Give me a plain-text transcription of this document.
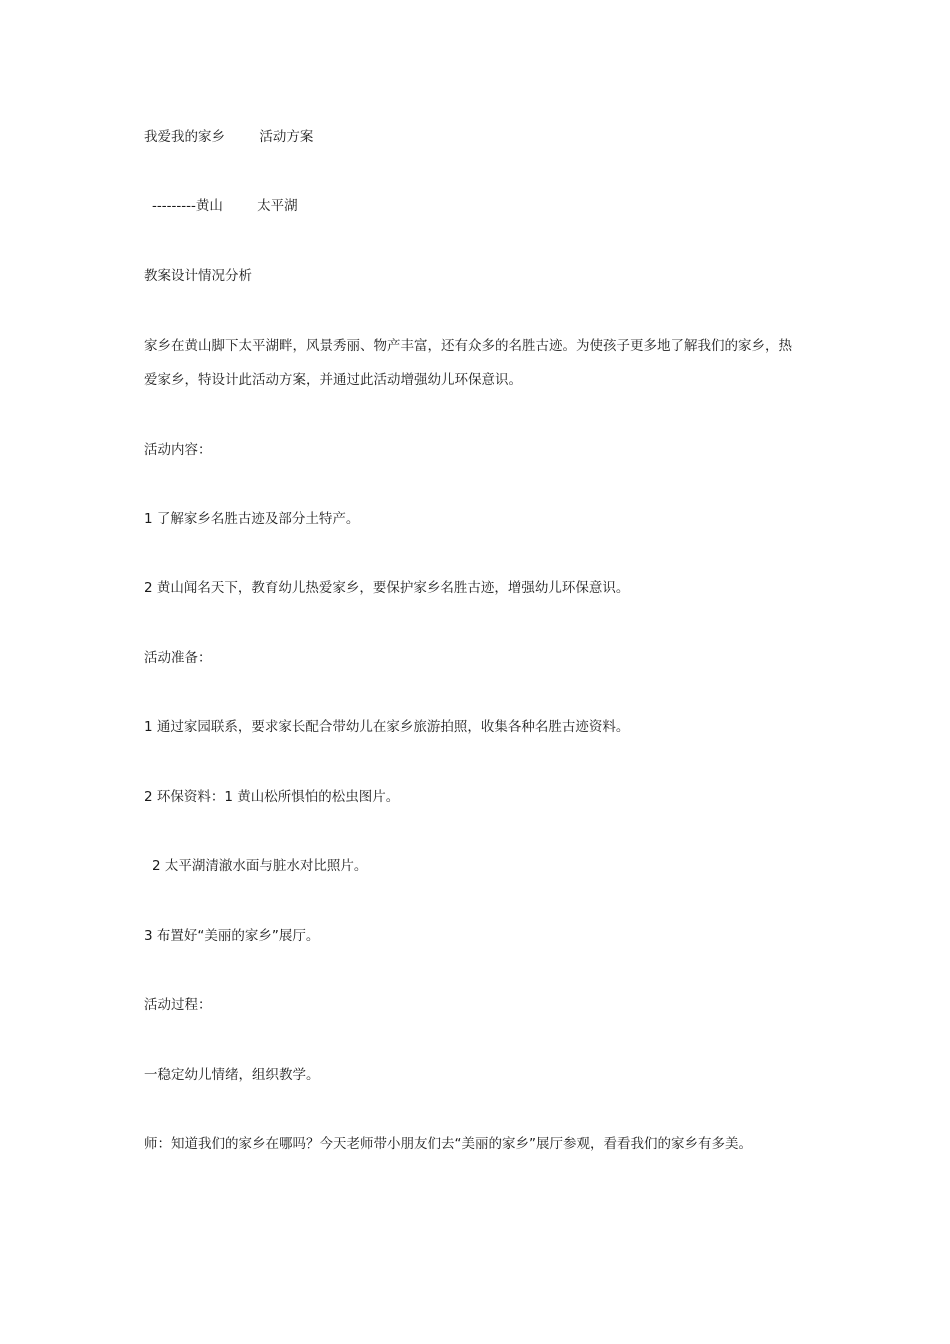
我爱我的家乡        活动方案
---------黄山        太平湖
教案设计情况分析
家乡在黄山脚下太平湖畔，风景秀丽、物产丰富，还有众多的名胜古迹。为使孩子更多地了解我们的家乡，热
爱家乡，特设计此活动方案，并通过此活动增强幼儿环保意识。
活动内容：
1 了解家乡名胜古迹及部分土特产。
2 黄山闻名天下，教育幼儿热爱家乡，要保护家乡名胜古迹，增强幼儿环保意识。
活动准备：
1 通过家园联系，要求家长配合带幼儿在家乡旅游拍照，收集各种名胜古迹资料。
2 环保资料：1 黄山松所惧怕的松虫图片。
2 太平湖清澈水面与脏水对比照片。
3 布置好“美丽的家乡”展厅。
活动过程：
一稳定幼儿情绪，组织教学。
师：知道我们的家乡在哪吗？今天老师带小朋友们去“美丽的家乡”展厅参观，看看我们的家乡有多美。
